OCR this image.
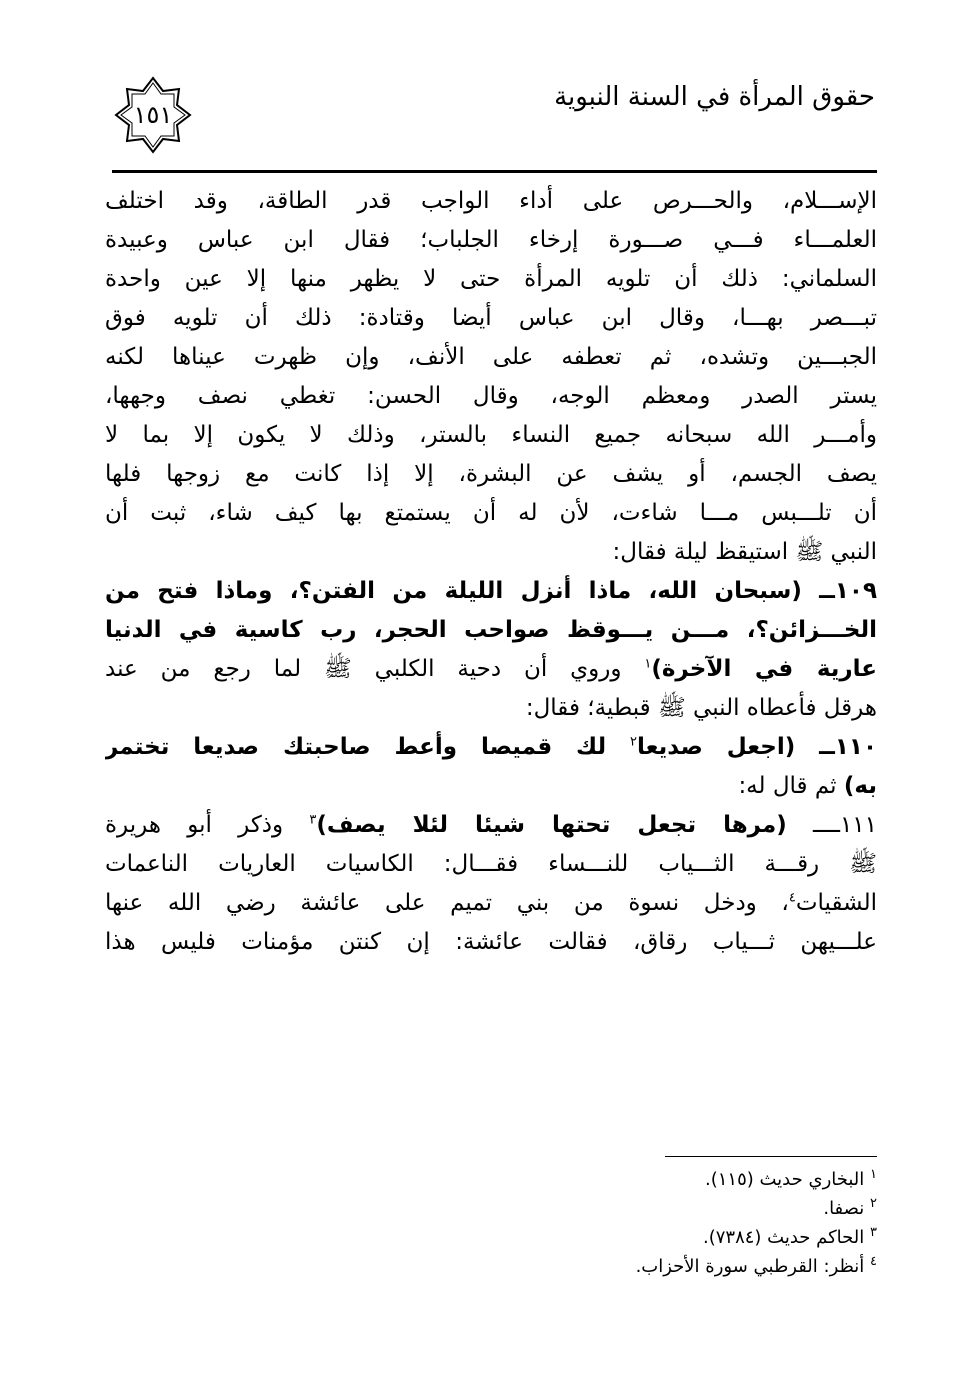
١٥١
حقوق المرأة في السنة النبوية
الإســـلام، والحـــرص على أداء الواجب قدر الطاقة، وقد اختلف
العلمـــاء فـــي صـــورة إرخاء الجلباب؛ فقال ابن عباس وعبيدة
السلماني: ذلك أن تلويه المرأة حتى لا يظهر منها إلا عين واحدة
تبـــصر بهـــا، وقال ابن عباس أيضا وقتادة: ذلك أن تلويه فوق
الجبـــين وتشده، ثم تعطفه على الأنف، وإن ظهرت عيناها لكنه
يستر الصدر ومعظم الوجه، وقال الحسن: تغطي نصف وجهها،
وأمـــر الله سبحانه جميع النساء بالستر، وذلك لا يكون إلا بما لا
يصف الجسم، أو يشف عن البشرة، إلا إذا كانت مع زوجها فلها
أن تلـــبس مـــا شاءت، لأن له أن يستمتع بها كيف شاء، ثبت أن
النبي ﷺ استيقظ ليلة فقال:
١٠٩ــ (سبحان الله، ماذا أنزل الليلة من الفتن؟، وماذا فتح من
الخـــزائن؟، مـــن يـــوقظ صواحب الحجر، رب كاسية في الدنيا
عارية في الآخرة)$^١$ وروي أن دحية الكلبي ﷺ لما رجع من عند
هرقل فأعطاه النبي ﷺ قبطية؛ فقال:
١١٠ــ (اجعل صديعا$^٢$ لك قميصا وأعط صاحبتك صديعا تختمر
به) ثم قال له:
١١١ــــ (مرها تجعل تحتها شيئا لئلا يصف)$^٣$ وذكر أبو هريرة
ﷺ رقـــة الثـــياب للنـــساء فقـــال: الكاسيات العاريات الناعمات
الشقيات$^٤$، ودخل نسوة من بني تميم على عائشة رضي الله عنها
علـــيهن ثـــياب رقاق، فقالت عائشة: إن كنتن مؤمنات فليس هذا
$^١$ البخاري حديث (١١٥).
$^٢$ نصفا.
$^٣$ الحاكم حديث (٧٣٨٤).
$^٤$ أنظر: القرطبي سورة الأحزاب.
